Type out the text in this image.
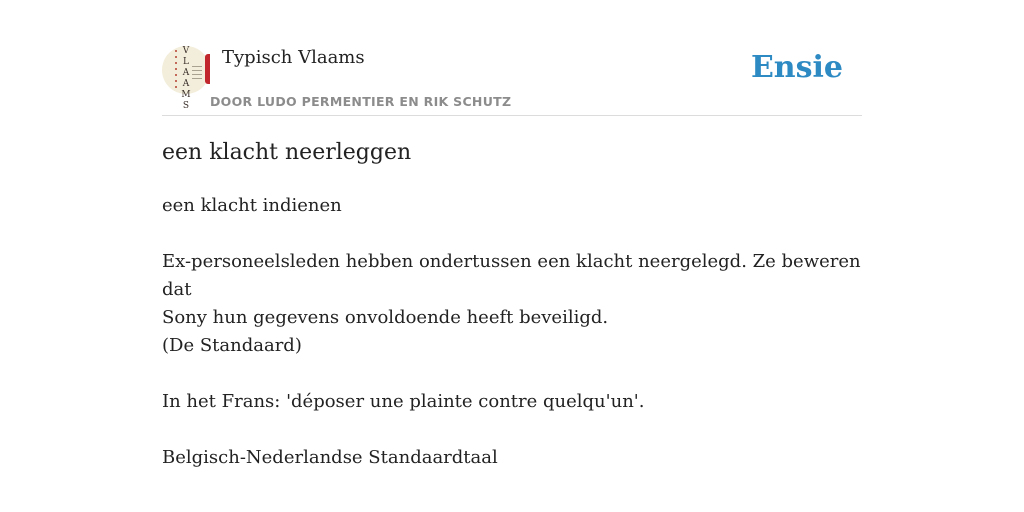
V
L
A
A
M
S
Typisch Vlaams
DOOR LUDO PERMENTIER EN RIK SCHUTZ
Ensie
een klacht neerleggen

een klacht indienen

Ex-personeelsleden hebben ondertussen een klacht neergelegd. Ze beweren dat

Sony hun gegevens onvoldoende heeft beveiligd.

(De Standaard)

In het Frans: 'déposer une plainte contre quelqu'un'.

Belgisch-Nederlandse Standaardtaal
